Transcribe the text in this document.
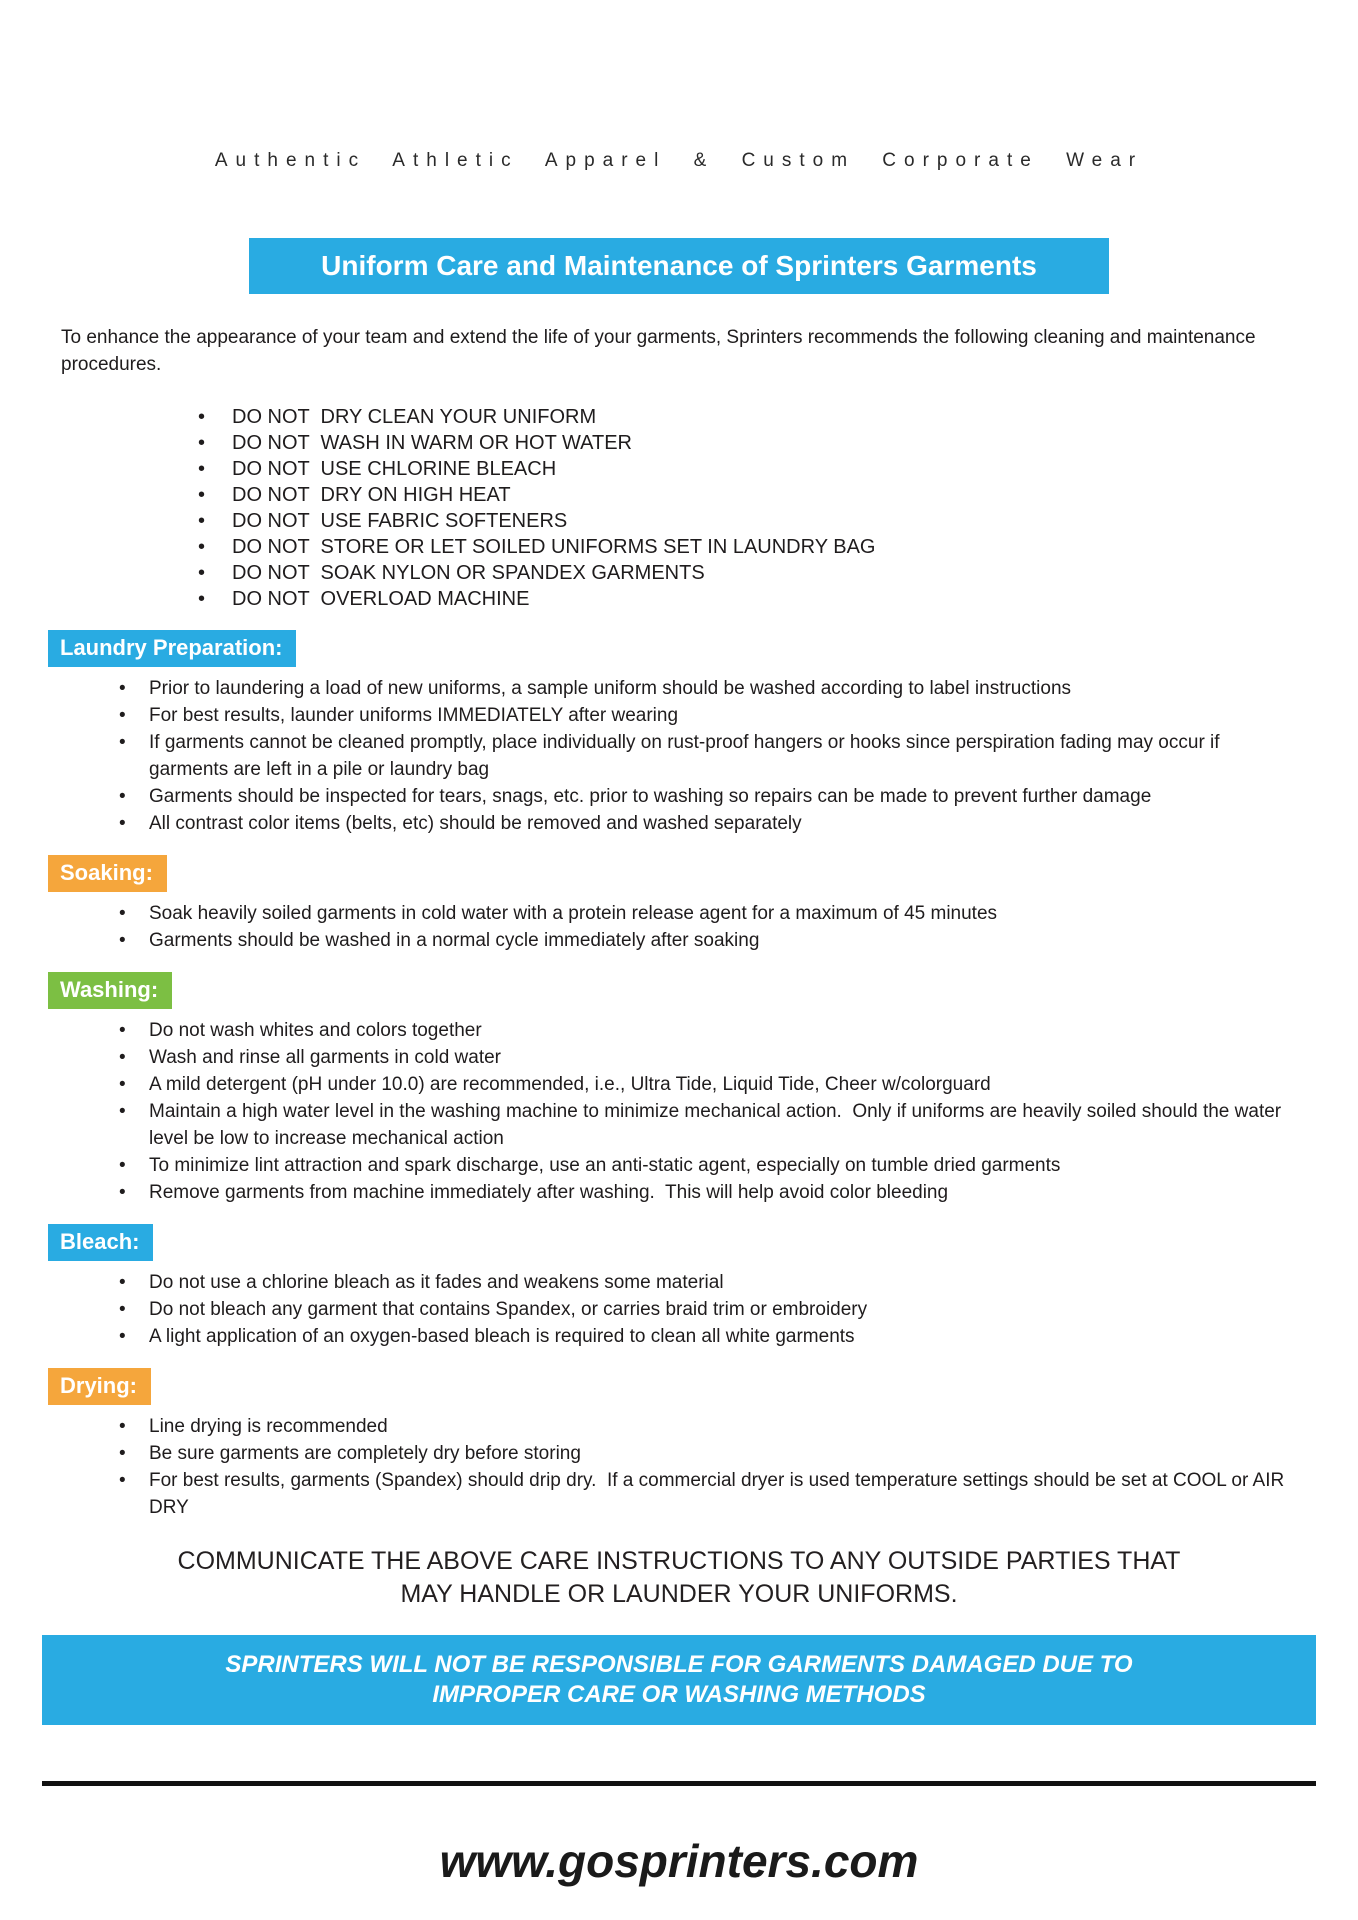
Authentic Athletic Apparel & Custom Corporate Wear
Uniform Care and Maintenance of Sprinters Garments

To enhance the appearance of your team and extend the life of your garments, Sprinters recommends the following cleaning and maintenance procedures.

• DO NOT  DRY CLEAN YOUR UNIFORM
• DO NOT  WASH IN WARM OR HOT WATER
• DO NOT  USE CHLORINE BLEACH
• DO NOT  DRY ON HIGH HEAT
• DO NOT  USE FABRIC SOFTENERS
• DO NOT  STORE OR LET SOILED UNIFORMS SET IN LAUNDRY BAG
• DO NOT  SOAK NYLON OR SPANDEX GARMENTS
• DO NOT  OVERLOAD MACHINE
Laundry Preparation:
• Prior to laundering a load of new uniforms, a sample uniform should be washed according to label instructions
• For best results, launder uniforms IMMEDIATELY after wearing
• If garments cannot be cleaned promptly, place individually on rust-proof hangers or hooks since perspiration fading may occur if garments are left in a pile or laundry bag
• Garments should be inspected for tears, snags, etc. prior to washing so repairs can be made to prevent further damage
• All contrast color items (belts, etc) should be removed and washed separately
Soaking:
• Soak heavily soiled garments in cold water with a protein release agent for a maximum of 45 minutes
• Garments should be washed in a normal cycle immediately after soaking
Washing:
• Do not wash whites and colors together
• Wash and rinse all garments in cold water
• A mild detergent (pH under 10.0) are recommended, i.e., Ultra Tide, Liquid Tide, Cheer w/colorguard
• Maintain a high water level in the washing machine to minimize mechanical action.  Only if uniforms are heavily soiled should the water level be low to increase mechanical action
• To minimize lint attraction and spark discharge, use an anti-static agent, especially on tumble dried garments
• Remove garments from machine immediately after washing.  This will help avoid color bleeding
Bleach:
• Do not use a chlorine bleach as it fades and weakens some material
• Do not bleach any garment that contains Spandex, or carries braid trim or embroidery
• A light application of an oxygen-based bleach is required to clean all white garments
Drying:
• Line drying is recommended
• Be sure garments are completely dry before storing
• For best results, garments (Spandex) should drip dry.  If a commercial dryer is used temperature settings should be set at COOL or AIR DRY
COMMUNICATE THE ABOVE CARE INSTRUCTIONS TO ANY OUTSIDE PARTIES THAT
MAY HANDLE OR LAUNDER YOUR UNIFORMS.
SPRINTERS WILL NOT BE RESPONSIBLE FOR GARMENTS DAMAGED DUE TO
IMPROPER CARE OR WASHING METHODS
www.gosprinters.com
